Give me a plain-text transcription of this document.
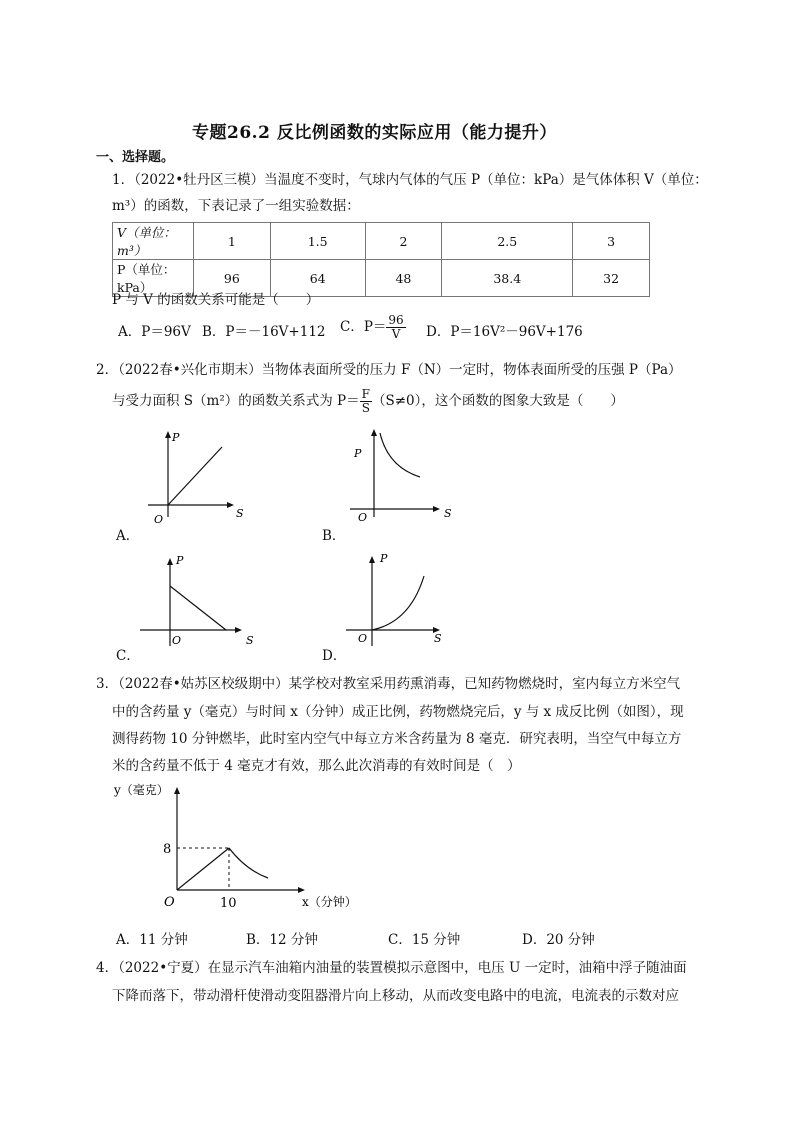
专题26.2 反比例函数的实际应用（能力提升）
一、选择题。
1．（2022•牡丹区三模）当温度不变时，气球内气体的气压 P（单位：kPa）是气体体积 V（单位：
m³）的函数，下表记录了一组实验数据：
V（单位：m³）	1	1.5	2	2.5	3
P（单位：kPa）	96	64	48	38.4	32
P 与 V 的函数关系可能是（　　）
A．P＝96V B．P＝－16V+112 C．$P= \frac{96}{V}$ D．P＝16V²－96V+176
2．（2022春•兴化市期末）当物体表面所受的压力 F（N）一定时，物体表面所受的压强 P（Pa）
与受力面积 S（m²）的函数关系式为 $P= \frac{F}{S} (S\ne 0)$，这个函数的图象大致是（　　）
P
S
O
A．
P
S
O
B．
P
S
O
C．
P
S
O
D．
3．（2022春•姑苏区校级期中）某学校对教室采用药熏消毒，已知药物燃烧时，室内每立方米空气
中的含药量 y（毫克）与时间 x（分钟）成正比例，药物燃烧完后，y 与 x 成反比例（如图），现
测得药物 10 分钟燃毕，此时室内空气中每立方米含药量为 8 毫克．研究表明，当空气中每立方
米的含药量不低于 4 毫克才有效，那么此次消毒的有效时间是（　）
y（毫克）
x（分钟）
O
8
10
A．11 分钟	B．12 分钟	C．15 分钟	D．20 分钟
4．（2022•宁夏）在显示汽车油箱内油量的装置模拟示意图中，电压 U 一定时，油箱中浮子随油面
下降而落下，带动滑杆使滑动变阻器滑片向上移动，从而改变电路中的电流，电流表的示数对应
